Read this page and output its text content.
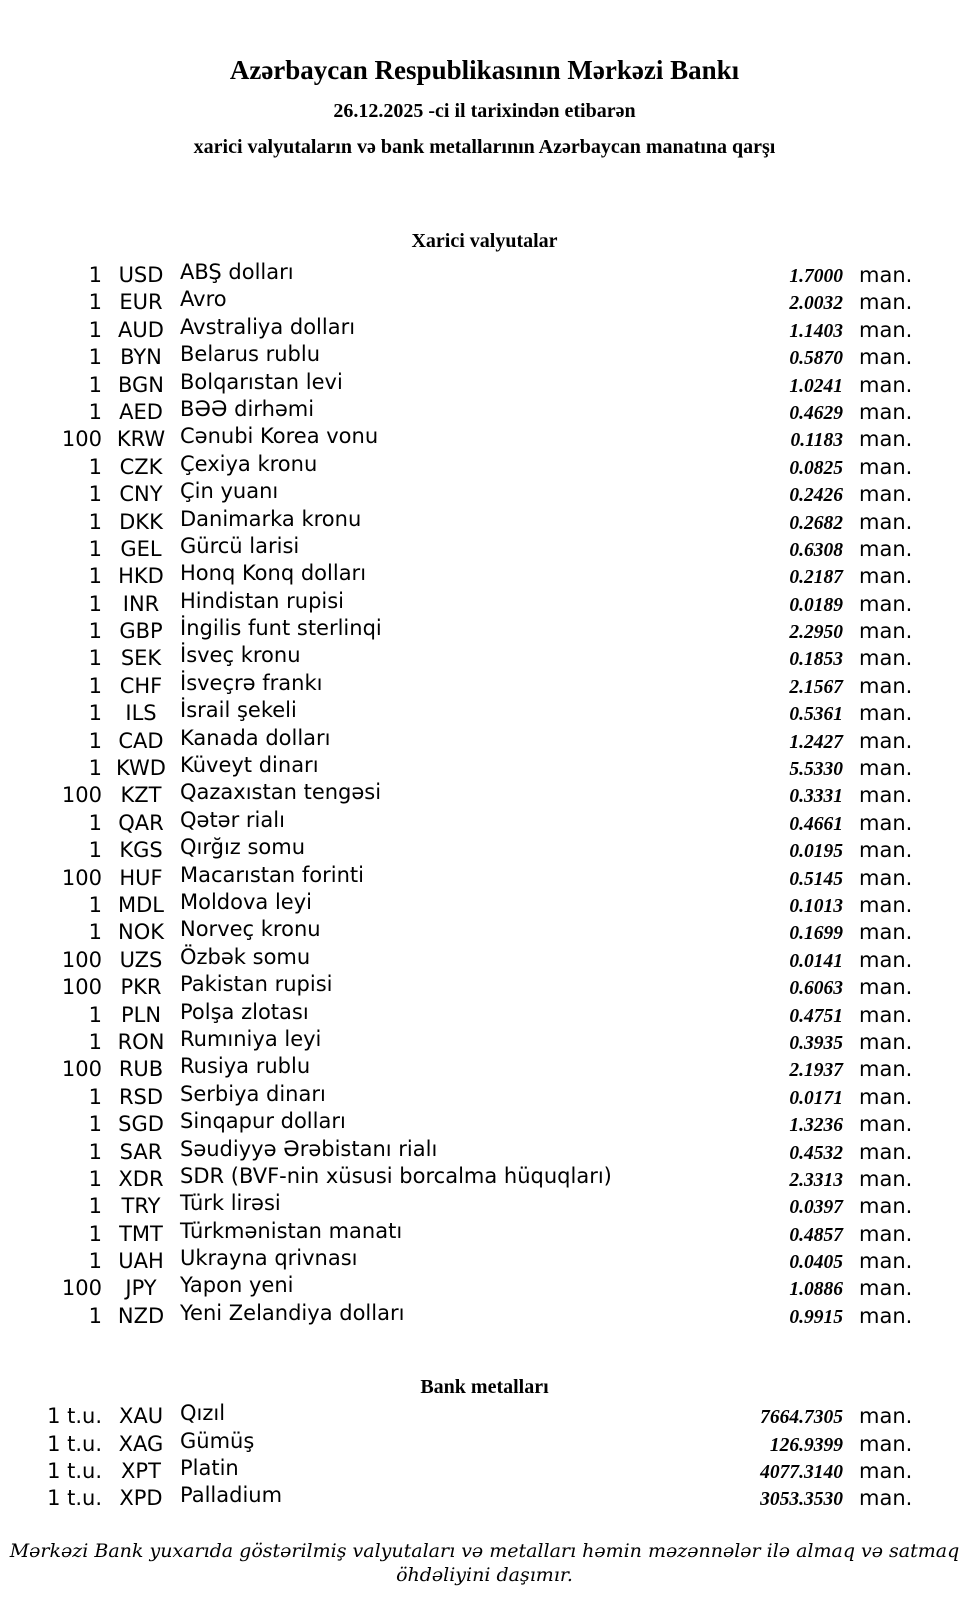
Azərbaycan Respublikasının Mərkəzi Bankı
26.12.2025 -ci il tarixindən etibarən
xarici valyutaların və bank metallarının Azərbaycan manatına qarşı
Xarici valyutalar
1 USD ABŞ dolları	1.7000 man.
1 EUR Avro	2.0032 man.
1 AUD Avstraliya dolları	1.1403 man.
1 BYN Belarus rublu	0.5870 man.
1 BGN Bolqarıstan levi	1.0241 man.
1 AED BƏƏ dirhəmi	0.4629 man.
100 KRW Cənubi Korea vonu	0.1183 man.
1 CZK Çexiya kronu	0.0825 man.
1 CNY Çin yuanı	0.2426 man.
1 DKK Danimarka kronu	0.2682 man.
1 GEL Gürcü larisi	0.6308 man.
1 HKD Honq Konq dolları	0.2187 man.
1 INR Hindistan rupisi	0.0189 man.
1 GBP İngilis funt sterlinqi	2.2950 man.
1 SEK İsveç kronu	0.1853 man.
1 CHF İsveçrə frankı	2.1567 man.
1	ILS	İsrail şekeli	0.5361 man.
1 CAD Kanada dolları	1.2427 man.
1 KWD Küveyt dinarı	5.5330 man.
100 KZT Qazaxıstan tengəsi	0.3331 man.
1 QAR Qətər rialı	0.4661 man.
1 KGS Qırğız somu	0.0195 man.
100 HUF Macarıstan forinti	0.5145 man.
1 MDL Moldova leyi	0.1013 man.
1 NOK Norveç kronu	0.1699 man.
100 UZS Özbək somu	0.0141 man.
100 PKR Pakistan rupisi	0.6063 man.
1 PLN Polşa zlotası	0.4751 man.
1 RON Rumıniya leyi	0.3935 man.
100 RUB Rusiya rublu	2.1937 man.
1 RSD Serbiya dinarı	0.0171 man.
1 SGD Sinqapur dolları	1.3236 man.
1 SAR Səudiyyə Ərəbistanı rialı	0.4532 man.
1 XDR SDR (BVF-nin xüsusi borcalma hüquqları)	2.3313 man.
1 TRY Türk lirəsi	0.0397 man.
1 TMT Türkmənistan manatı	0.4857 man.
1 UAH Ukrayna qrivnası	0.0405 man.
100	JPY	Yapon yeni	1.0886 man.
1 NZD Yeni Zelandiya dolları	0.9915 man.
Bank metalları
1 t.u. XAU Qızıl	7664.7305 man.
1 t.u. XAG Gümüş	126.9399 man.
1 t.u. XPT Platin	4077.3140 man.
1 t.u. XPD Palladium	3053.3530 man.
Mərkəzi Bank yuxarıda göstərilmiş valyutaları və metalları həmin məzənnələr ilə almaq və satmaq öhdəliyini daşımır.
